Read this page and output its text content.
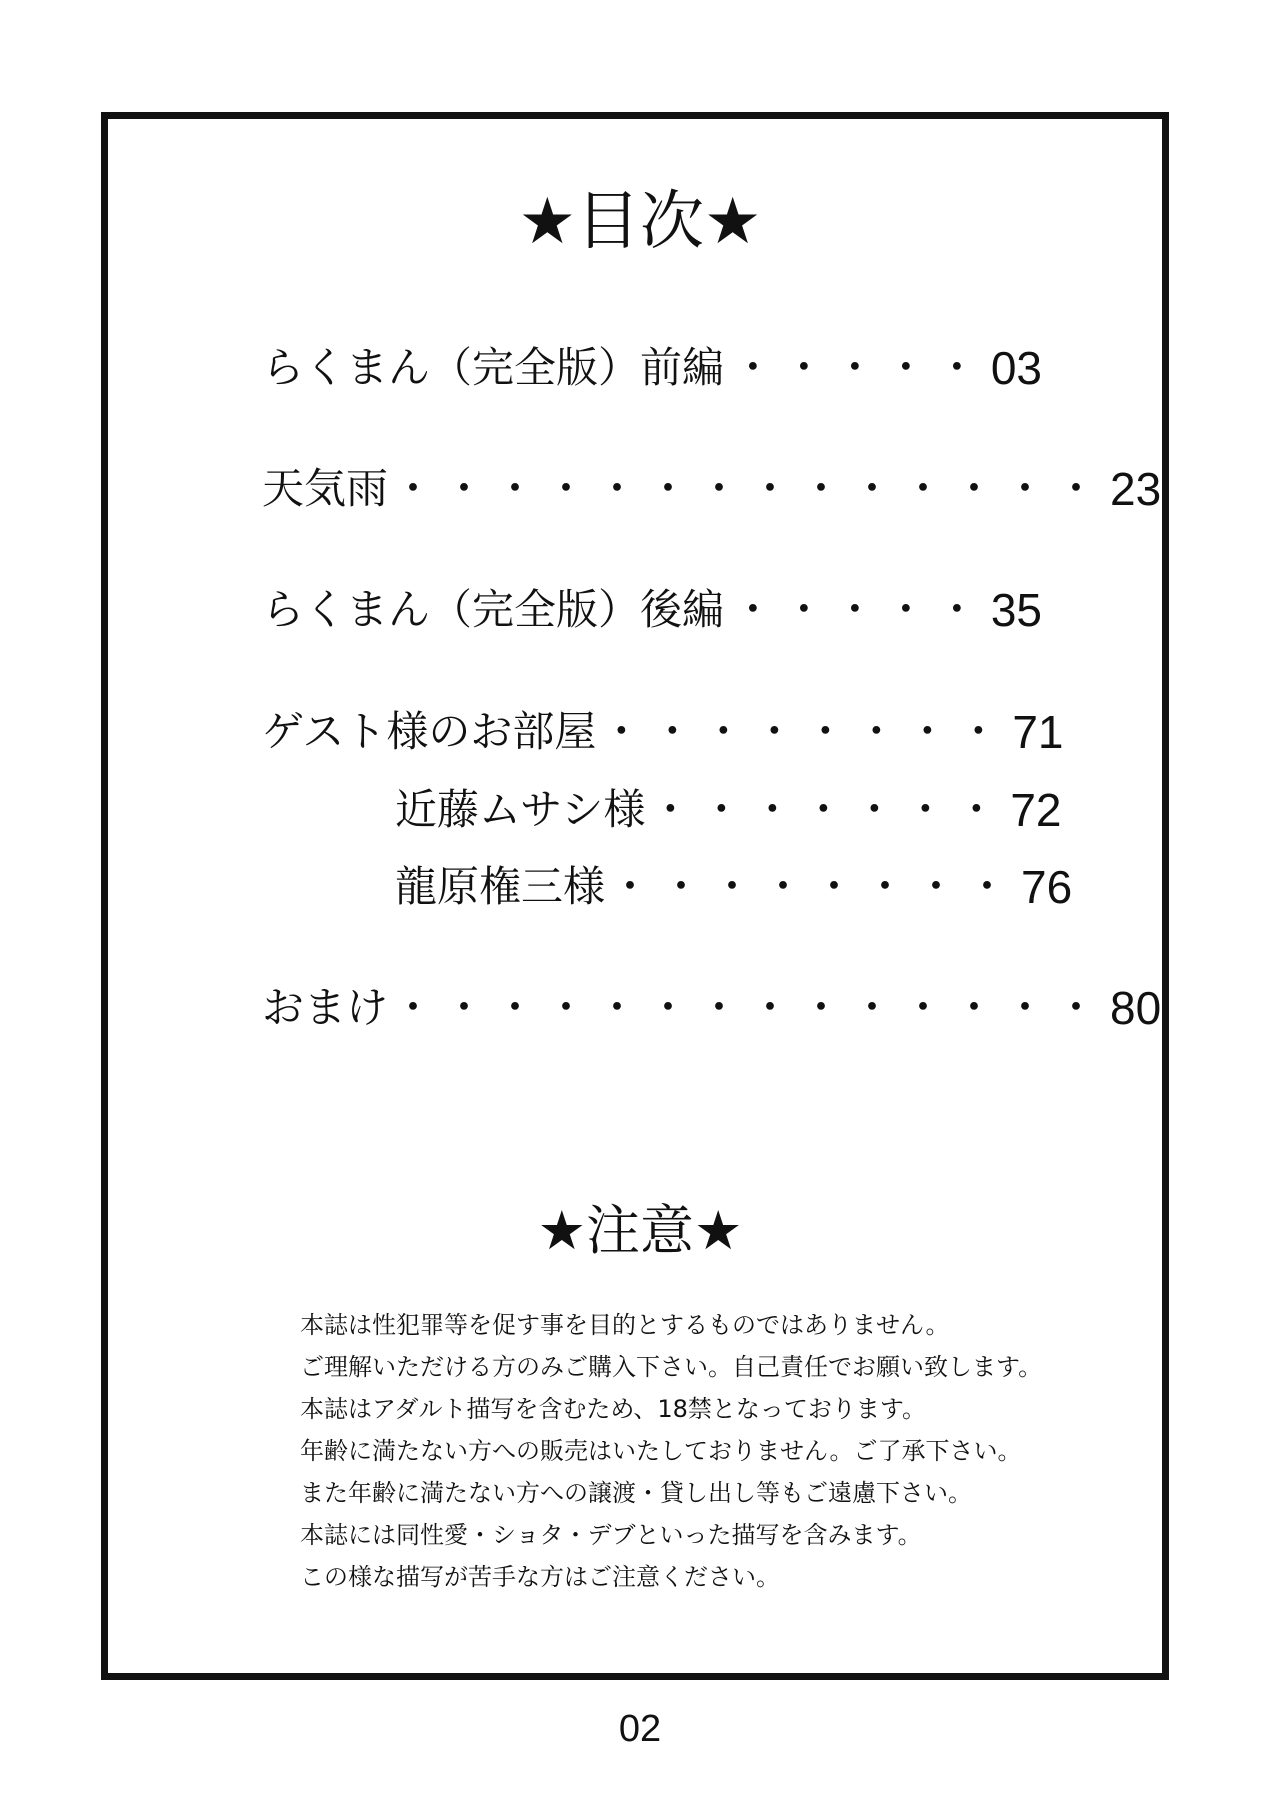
★目次★
らくまん（完全版）前編 ・・・・・ 03
天気雨 ・・・・・・・・・・・・・・ 23
らくまん（完全版）後編 ・・・・・ 35
ゲスト様のお部屋 ・・・・・・・・ 71
近藤ムサシ様 ・・・・・・・ 72
龍原権三様 ・・・・・・・・ 76
おまけ ・・・・・・・・・・・・・・ 80
★注意★
本誌は性犯罪等を促す事を目的とするものではありません。
ご理解いただける方のみご購入下さい。自己責任でお願い致します。
本誌はアダルト描写を含むため、18禁となっております。
年齢に満たない方への販売はいたしておりません。ご了承下さい。
また年齢に満たない方への譲渡・貸し出し等もご遠慮下さい。
本誌には同性愛・ショタ・デブといった描写を含みます。
この様な描写が苦手な方はご注意ください。
02
